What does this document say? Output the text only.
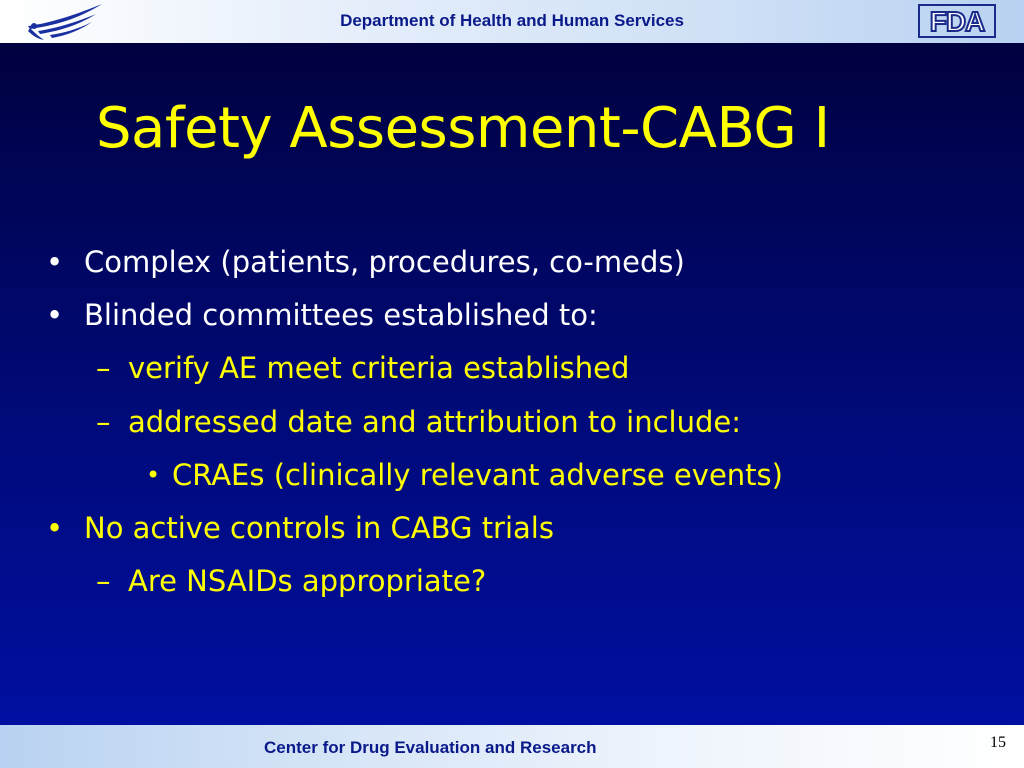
Department of Health and Human Services	FDA
Safety Assessment-CABG I
• Complex (patients, procedures, co-meds)
• Blinded committees established to:
– verify AE meet criteria established
– addressed date and attribution to include:
• CRAEs (clinically relevant adverse events)
• No active controls in CABG trials
– Are NSAIDs appropriate?
Center for Drug Evaluation and Research	15
